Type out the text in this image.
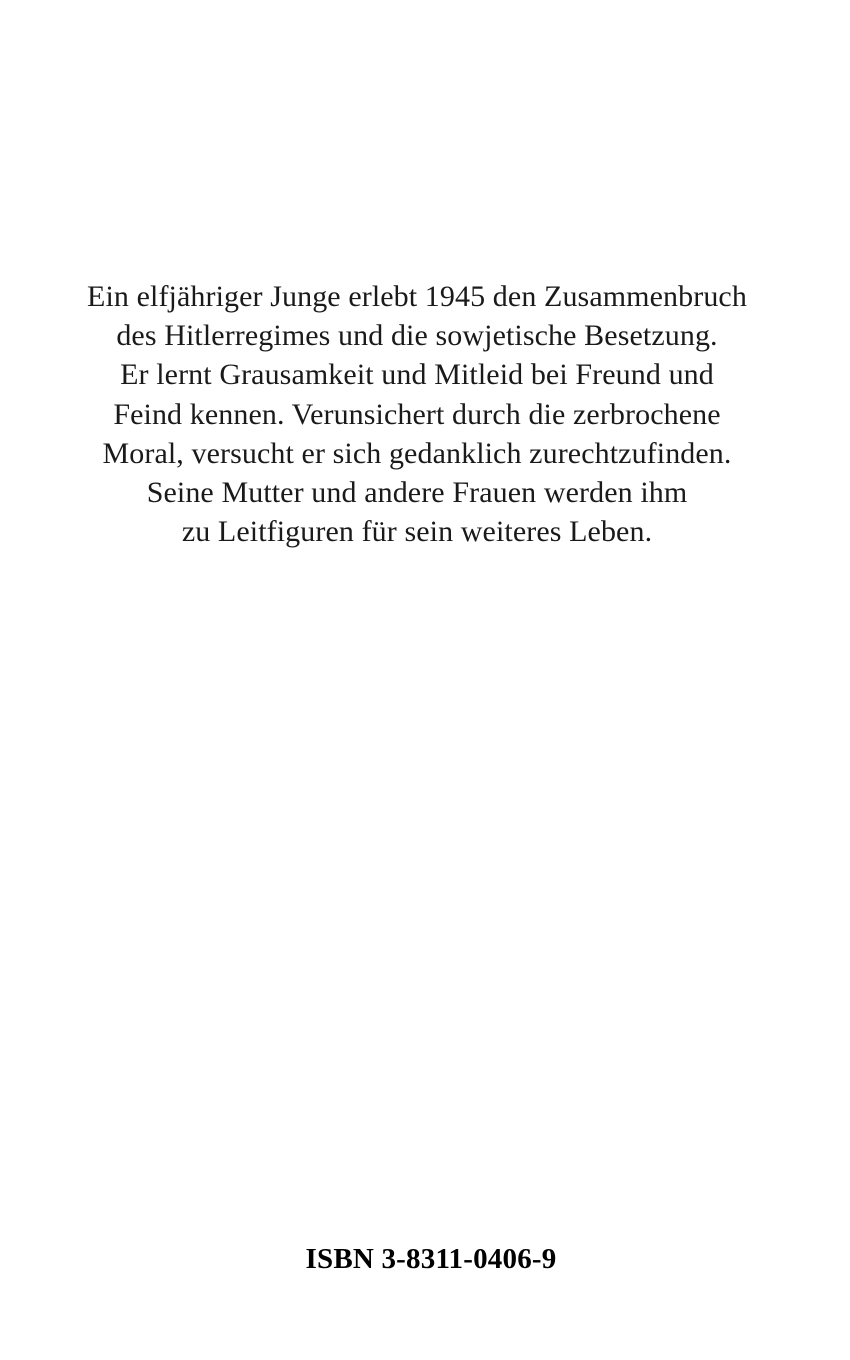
Ein elfjähriger Junge erlebt 1945 den Zusammenbruch
des Hitlerregimes und die sowjetische Besetzung.
Er lernt Grausamkeit und Mitleid bei Freund und
Feind kennen. Verunsichert durch die zerbrochene
Moral, versucht er sich gedanklich zurechtzufinden.
Seine Mutter und andere Frauen werden ihm
zu Leitfiguren für sein weiteres Leben.
ISBN 3-8311-0406-9
